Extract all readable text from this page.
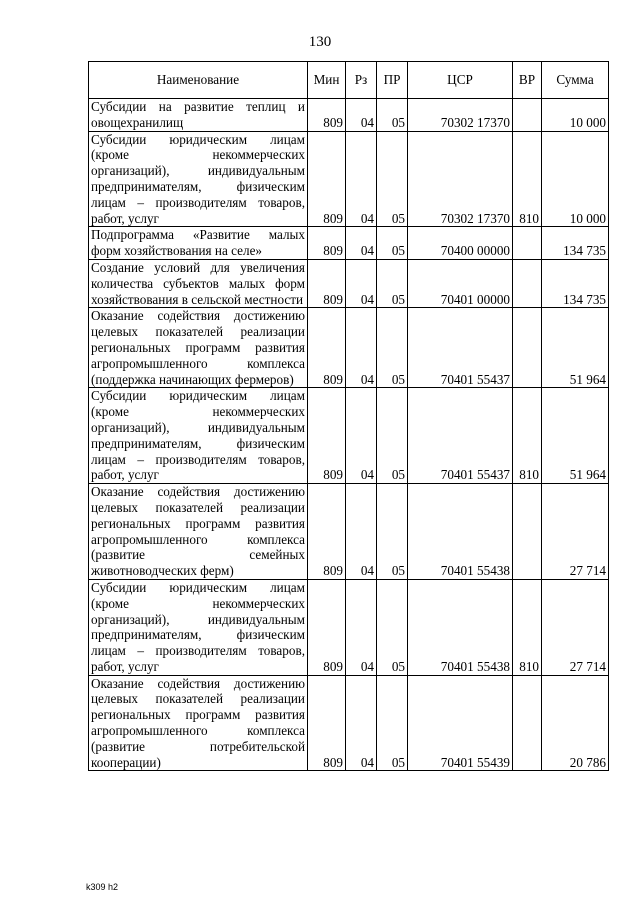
130
Наименование	Мин	Рз	ПР	ЦСР	ВР	Сумма
Субсидии на развитие теплиц и овощехранилищ	809	04	05	70302 17370		10 000
Субсидии юридическим лицам (кроме некоммерческих организаций), индивидуальным предпринимателям, физическим лицам – производителям товаров, работ, услуг	809	04	05	70302 17370	810	10 000
Подпрограмма «Развитие малых форм хозяйствования на селе»	809	04	05	70400 00000		134 735
Создание условий для увеличения количества субъектов малых форм хозяйствования в сельской местности	809	04	05	70401 00000		134 735
Оказание содействия достижению целевых показателей реализации региональных программ развития агропромышленного комплекса (поддержка начинающих фермеров)	809	04	05	70401 55437		51 964
Субсидии юридическим лицам (кроме некоммерческих организаций), индивидуальным предпринимателям, физическим лицам – производителям товаров, работ, услуг	809	04	05	70401 55437	810	51 964
Оказание содействия достижению целевых показателей реализации региональных программ развития агропромышленного комплекса (развитие семейных животноводческих ферм)	809	04	05	70401 55438		27 714
Субсидии юридическим лицам (кроме некоммерческих организаций), индивидуальным предпринимателям, физическим лицам – производителям товаров, работ, услуг	809	04	05	70401 55438	810	27 714
Оказание содействия достижению целевых показателей реализации региональных программ развития агропромышленного комплекса (развитие потребительской кооперации)	809	04	05	70401 55439		20 786
k309 h2
